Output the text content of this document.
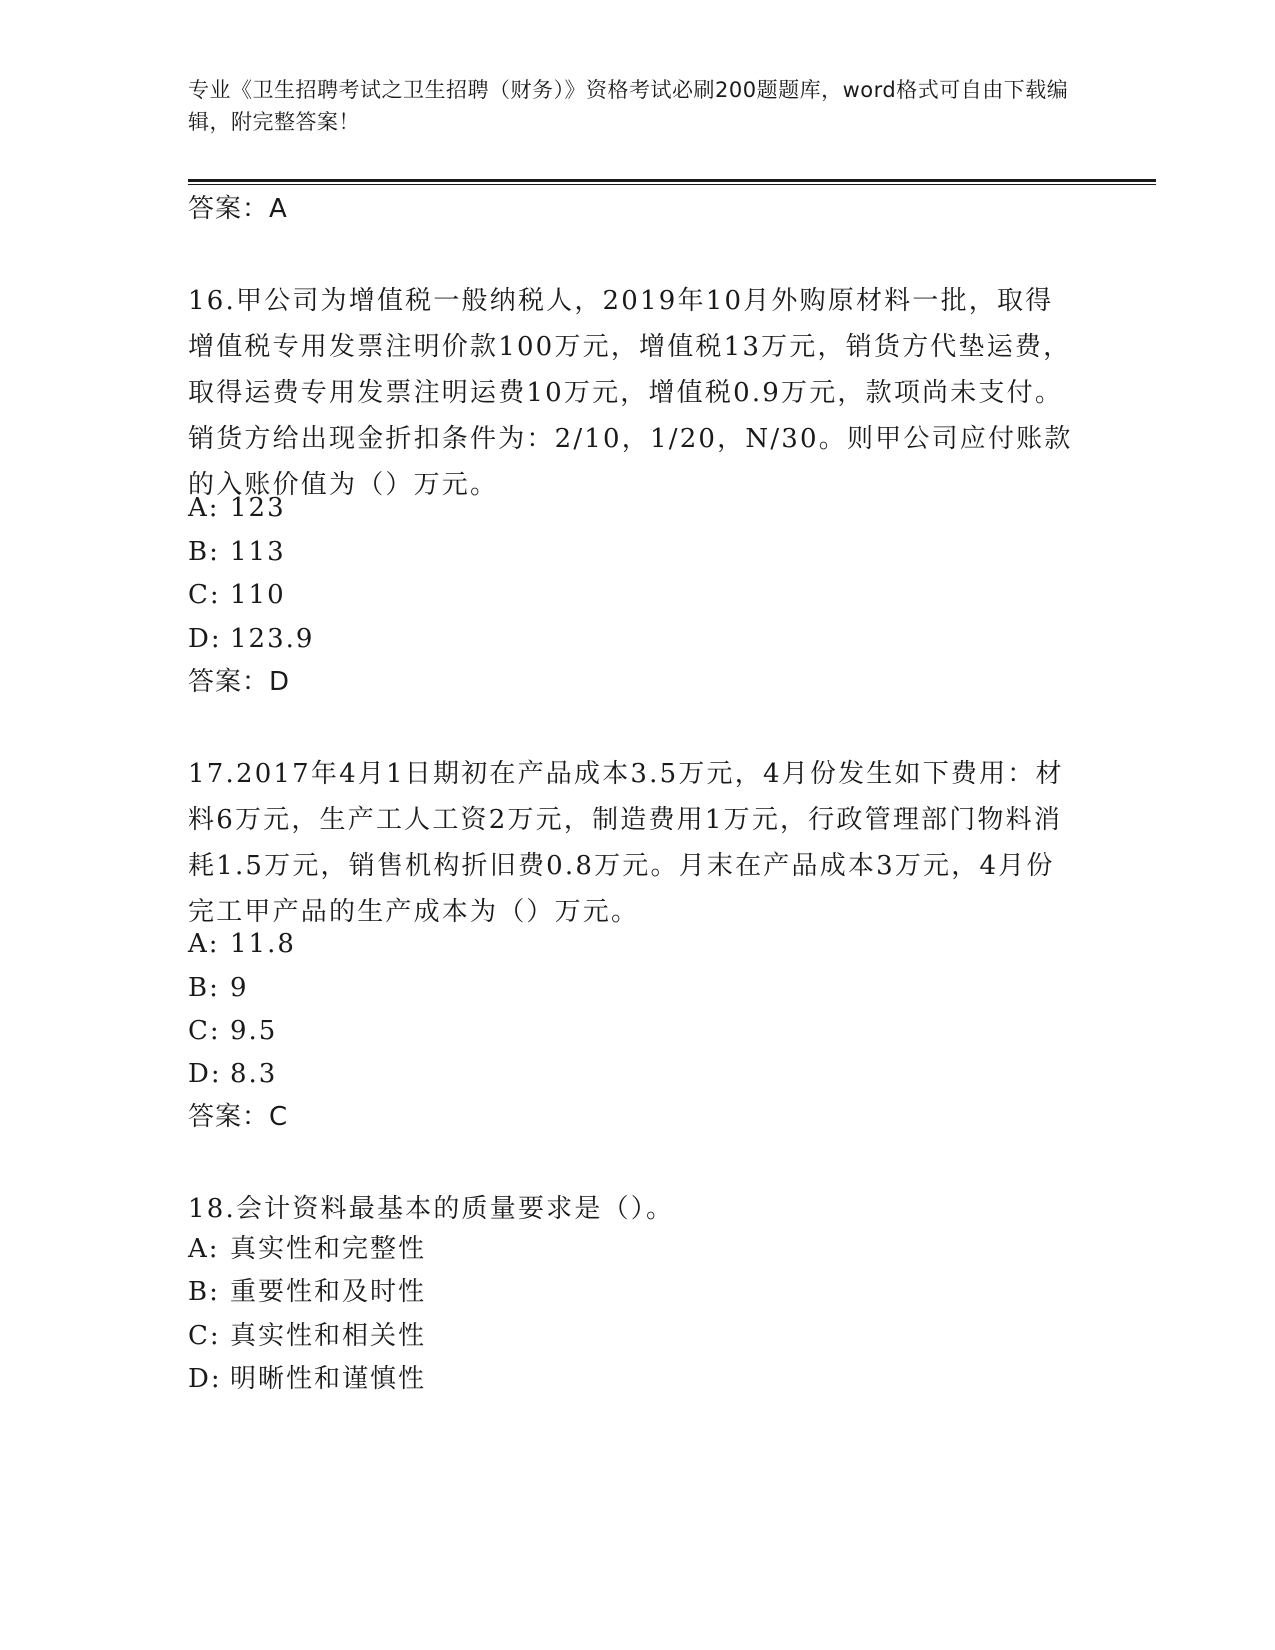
专业《卫生招聘考试之卫生招聘（财务）》资格考试必刷200题题库，word格式可自由下载编辑，附完整答案！
答案：A
16.甲公司为增值税一般纳税人，2019年10月外购原材料一批，取得增值税专用发票注明价款100万元，增值税13万元，销货方代垫运费，取得运费专用发票注明运费10万元，增值税0.9万元，款项尚未支付。销货方给出现金折扣条件为：2/10，1/20，N/30。则甲公司应付账款的入账价值为（）万元。
A: 123
B: 113
C: 110
D: 123.9
答案：D
17.2017年4月1日期初在产品成本3.5万元，4月份发生如下费用：材料6万元，生产工人工资2万元，制造费用1万元，行政管理部门物料消耗1.5万元，销售机构折旧费0.8万元。月末在产品成本3万元，4月份完工甲产品的生产成本为（）万元。
A: 11.8
B: 9
C: 9.5
D: 8.3
答案：C
18.会计资料最基本的质量要求是（）。
A: 真实性和完整性
B: 重要性和及时性
C: 真实性和相关性
D: 明晰性和谨慎性
